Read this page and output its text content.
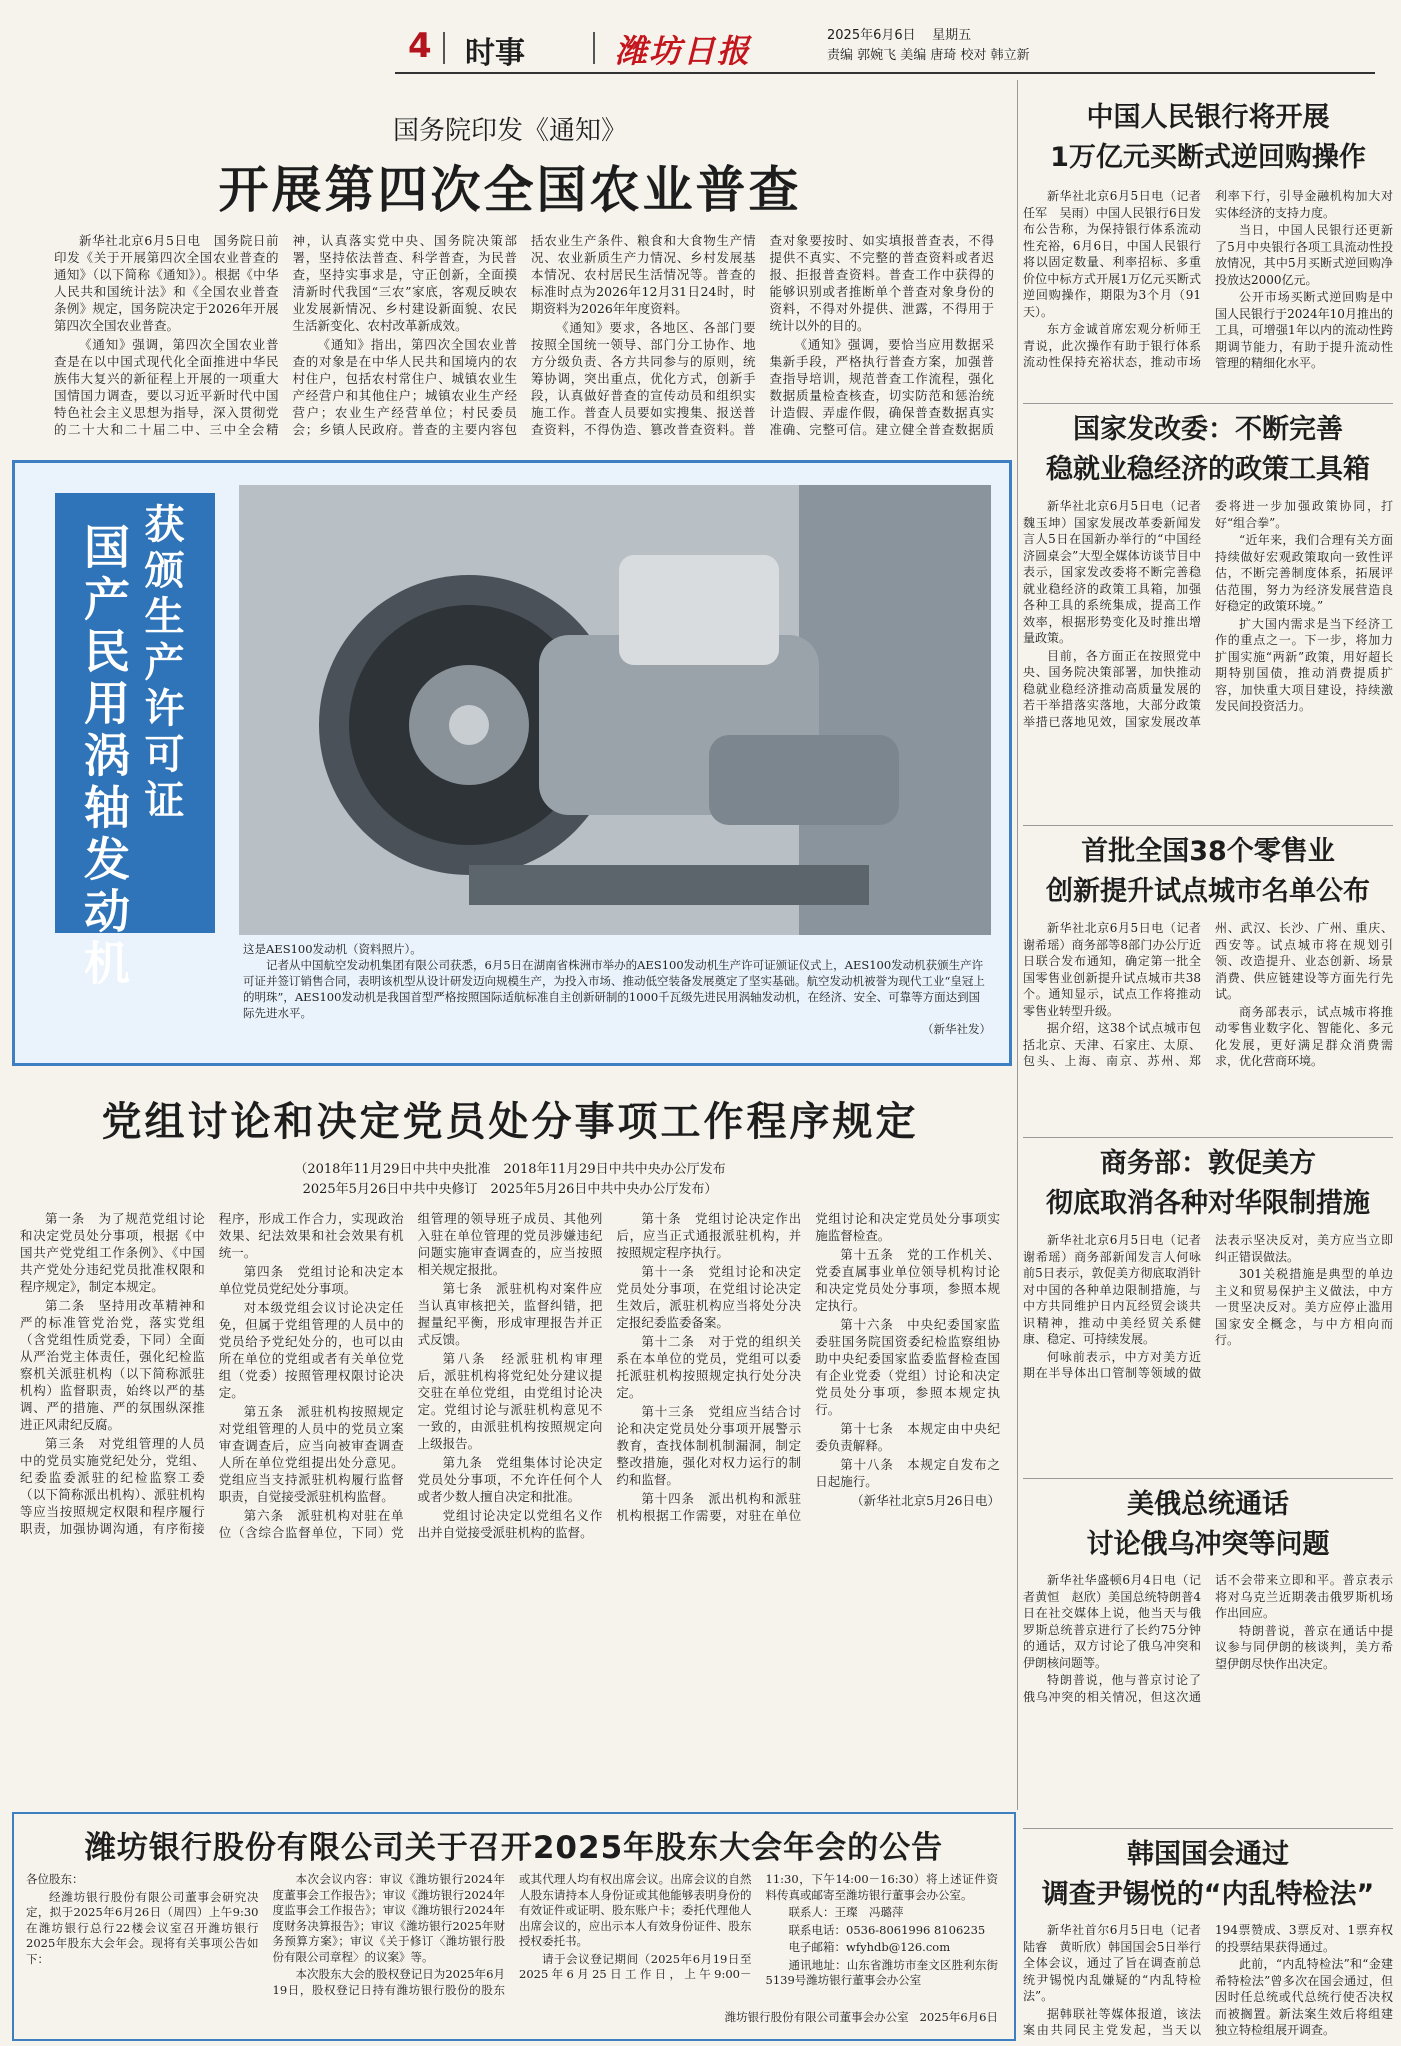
4 时事	潍坊日报	2025年6月6日 星期五
责编 郭婉飞 美编 唐琦 校对 韩立新
国务院印发《通知》
开展第四次全国农业普查

新华社北京6月5日电　国务院日前印发《关于开展第四次全国农业普查的通知》（以下简称《通知》）。根据《中华人民共和国统计法》和《全国农业普查条例》规定，国务院决定于2026年开展第四次全国农业普查。

《通知》强调，第四次全国农业普查是在以中国式现代化全面推进中华民族伟大复兴的新征程上开展的一项重大国情国力调查，要以习近平新时代中国特色社会主义思想为指导，深入贯彻党的二十大和二十届二中、三中全会精神，认真落实党中央、国务院决策部署，坚持依法普查、科学普查，为民普查，坚持实事求是，守正创新，全面摸清新时代我国“三农”家底，客观反映农业发展新情况、乡村建设新面貌、农民生活新变化、农村改革新成效。

《通知》指出，第四次全国农业普查的对象是在中华人民共和国境内的农村住户，包括农村常住户、城镇农业生产经营户和其他住户；城镇农业生产经营户；农业生产经营单位；村民委员会；乡镇人民政府。普查的主要内容包括农业生产条件、粮食和大食物生产情况、农业新质生产力情况、乡村发展基本情况、农村居民生活情况等。普查的标准时点为2026年12月31日24时，时期资料为2026年年度资料。

《通知》要求，各地区、各部门要按照全国统一领导、部门分工协作、地方分级负责、各方共同参与的原则，统筹协调，突出重点，优化方式，创新手段，认真做好普查的宣传动员和组织实施工作。普查人员要如实搜集、报送普查资料，不得伪造、篡改普查资料。普查对象要按时、如实填报普查表，不得提供不真实、不完整的普查资料或者迟报、拒报普查资料。普查工作中获得的能够识别或者推断单个普查对象身份的资料，不得对外提供、泄露，不得用于统计以外的目的。

《通知》强调，要恰当应用数据采集新手段，严格执行普查方案，加强普查指导培训，规范普查工作流程，强化数据质量检查核查，切实防范和惩治统计造假、弄虚作假，确保普查数据真实准确、完整可信。建立健全普查数据质

国产民用涡轴发动机 获颁生产许可证
这是AES100发动机（资料照片）。
记者从中国航空发动机集团有限公司获悉，6月5日在湖南省株洲市举办的AES100发动机生产许可证颁证仪式上，AES100发动机获颁生产许可证并签订销售合同，表明该机型从设计研发迈向规模生产，为投入市场、推动低空装备发展奠定了坚实基础。航空发动机被誉为现代工业“皇冠上的明珠”，AES100发动机是我国首型严格按照国际适航标准自主创新研制的1000千瓦级先进民用涡轴发动机，在经济、安全、可靠等方面达到国际先进水平。
（新华社发）
党组讨论和决定党员处分事项工作程序规定
（2018年11月29日中共中央批准　2018年11月29日中共中央办公厅发布
2025年5月26日中共中央修订　2025年5月26日中共中央办公厅发布）

第一条　为了规范党组讨论和决定党员处分事项，根据《中国共产党党组工作条例》、《中国共产党处分违纪党员批准权限和程序规定》，制定本规定。

第二条　坚持用改革精神和严的标准管党治党，落实党组（含党组性质党委，下同）全面从严治党主体责任，强化纪检监察机关派驻机构（以下简称派驻机构）监督职责，始终以严的基调、严的措施、严的氛围纵深推进正风肃纪反腐。

第三条　对党组管理的人员中的党员实施党纪处分，党组、纪委监委派驻的纪检监察工委（以下简称派出机构）、派驻机构等应当按照规定权限和程序履行职责，加强协调沟通，有序衔接程序，形成工作合力，实现政治效果、纪法效果和社会效果有机统一。

第四条　党组讨论和决定本单位党员党纪处分事项。

对本级党组会议讨论决定任免，但属于党组管理的人员中的党员给予党纪处分的，也可以由所在单位的党组或者有关单位党组（党委）按照管理权限讨论决定。

第五条　派驻机构按照规定对党组管理的人员中的党员立案审查调查后，应当向被审查调查人所在单位党组提出处分意见。党组应当支持派驻机构履行监督职责，自觉接受派驻机构监督。

第六条　派驻机构对驻在单位（含综合监督单位，下同）党组管理的领导班子成员、其他列入驻在单位管理的党员涉嫌违纪问题实施审查调查的，应当按照相关规定报批。

第七条　派驻机构对案件应当认真审核把关，监督纠错，把握量纪平衡，形成审理报告并正式反馈。

第八条　经派驻机构审理后，派驻机构将党纪处分建议提交驻在单位党组，由党组讨论决定。党组讨论与派驻机构意见不一致的，由派驻机构按照规定向上级报告。

第九条　党组集体讨论决定党员处分事项，不允许任何个人或者少数人擅自决定和批准。

党组讨论决定以党组名义作出并自觉接受派驻机构的监督。

第十条　党组讨论决定作出后，应当正式通报派驻机构，并按照规定程序执行。

第十一条　党组讨论和决定党员处分事项，在党组讨论决定生效后，派驻机构应当将处分决定报纪委监委备案。

第十二条　对于党的组织关系在本单位的党员，党组可以委托派驻机构按照规定执行处分决定。

第十三条　党组应当结合讨论和决定党员处分事项开展警示教育，查找体制机制漏洞，制定整改措施，强化对权力运行的制约和监督。

第十四条　派出机构和派驻机构根据工作需要，对驻在单位党组讨论和决定党员处分事项实施监督检查。

第十五条　党的工作机关、党委直属事业单位领导机构讨论和决定党员处分事项，参照本规定执行。

第十六条　中央纪委国家监委驻国务院国资委纪检监察组协助中央纪委国家监委监督检查国有企业党委（党组）讨论和决定党员处分事项，参照本规定执行。

第十七条　本规定由中央纪委负责解释。

第十八条　本规定自发布之日起施行。

（新华社北京5月26日电）

中国人民银行将开展
1万亿元买断式逆回购操作

新华社北京6月5日电（记者任军　吴雨）中国人民银行6日发布公告称，为保持银行体系流动性充裕，6月6日，中国人民银行将以固定数量、利率招标、多重价位中标方式开展1万亿元买断式逆回购操作，期限为3个月（91天）。

东方金诚首席宏观分析师王青说，此次操作有助于银行体系流动性保持充裕状态，推动市场利率下行，引导金融机构加大对实体经济的支持力度。

当日，中国人民银行还更新了5月中央银行各项工具流动性投放情况，其中5月买断式逆回购净投放达2000亿元。

公开市场买断式逆回购是中国人民银行于2024年10月推出的工具，可增强1年以内的流动性跨期调节能力，有助于提升流动性管理的精细化水平。

国家发改委：不断完善
稳就业稳经济的政策工具箱

新华社北京6月5日电（记者魏玉坤）国家发展改革委新闻发言人5日在国新办举行的“中国经济圆桌会”大型全媒体访谈节目中表示，国家发改委将不断完善稳就业稳经济的政策工具箱，加强各种工具的系统集成，提高工作效率，根据形势变化及时推出增量政策。

目前，各方面正在按照党中央、国务院决策部署，加快推动稳就业稳经济推动高质量发展的若干举措落实落地，大部分政策举措已落地见效，国家发展改革委将进一步加强政策协同，打好“组合拳”。

“近年来，我们合理有关方面持续做好宏观政策取向一致性评估，不断完善制度体系，拓展评估范围，努力为经济发展营造良好稳定的政策环境。”

扩大国内需求是当下经济工作的重点之一。下一步，将加力扩围实施“两新”政策，用好超长期特别国债，推动消费提质扩容，加快重大项目建设，持续激发民间投资活力。

首批全国38个零售业
创新提升试点城市名单公布

新华社北京6月5日电（记者谢希瑶）商务部等8部门办公厅近日联合发布通知，确定第一批全国零售业创新提升试点城市共38个。通知显示，试点工作将推动零售业转型升级。

据介绍，这38个试点城市包括北京、天津、石家庄、太原、包头、上海、南京、苏州、郑州、武汉、长沙、广州、重庆、西安等。试点城市将在规划引领、改造提升、业态创新、场景消费、供应链建设等方面先行先试。

商务部表示，试点城市将推动零售业数字化、智能化、多元化发展，更好满足群众消费需求，优化营商环境。

商务部：敦促美方
彻底取消各种对华限制措施

新华社北京6月5日电（记者谢希瑶）商务部新闻发言人何咏前5日表示，敦促美方彻底取消针对中国的各种单边限制措施，与中方共同维护日内瓦经贸会谈共识精神，推动中美经贸关系健康、稳定、可持续发展。

何咏前表示，中方对美方近期在半导体出口管制等领域的做法表示坚决反对，美方应当立即纠正错误做法。

301关税措施是典型的单边主义和贸易保护主义做法，中方一贯坚决反对。美方应停止滥用国家安全概念，与中方相向而行。

美俄总统通话
讨论俄乌冲突等问题

新华社华盛顿6月4日电（记者黄恒　赵欣）美国总统特朗普4日在社交媒体上说，他当天与俄罗斯总统普京进行了长约75分钟的通话，双方讨论了俄乌冲突和伊朗核问题等。

特朗普说，他与普京讨论了俄乌冲突的相关情况，但这次通话不会带来立即和平。普京表示将对乌克兰近期袭击俄罗斯机场作出回应。

特朗普说，普京在通话中提议参与同伊朗的核谈判，美方希望伊朗尽快作出决定。

韩国国会通过
调查尹锡悦的“内乱特检法”

新华社首尔6月5日电（记者陆睿　黄昕欣）韩国国会5日举行全体会议，通过了旨在调查前总统尹锡悦内乱嫌疑的“内乱特检法”。

据韩联社等媒体报道，该法案由共同民主党发起，当天以194票赞成、3票反对、1票弃权的投票结果获得通过。

此前，“内乱特检法”和“金建希特检法”曾多次在国会通过，但因时任总统或代总统行使否决权而被搁置。新法案生效后将组建独立特检组展开调查。

潍坊银行股份有限公司关于召开2025年股东大会年会的公告

各位股东：

经潍坊银行股份有限公司董事会研究决定，拟于2025年6月26日（周四）上午9:30在潍坊银行总行22楼会议室召开潍坊银行2025年股东大会年会。现将有关事项公告如下：

本次会议内容：审议《潍坊银行2024年度董事会工作报告》；审议《潍坊银行2024年度监事会工作报告》；审议《潍坊银行2024年度财务决算报告》；审议《潍坊银行2025年财务预算方案》；审议《关于修订〈潍坊银行股份有限公司章程〉的议案》等。

本次股东大会的股权登记日为2025年6月19日，股权登记日持有潍坊银行股份的股东或其代理人均有权出席会议。出席会议的自然人股东请持本人身份证或其他能够表明身份的有效证件或证明、股东账户卡；委托代理他人出席会议的，应出示本人有效身份证件、股东授权委托书。

请于会议登记期间（2025年6月19日至2025年6月25日工作日，上午9:00－11:30，下午14:00－16:30）将上述证件资料传真或邮寄至潍坊银行董事会办公室。

联系人：王璨　冯璐萍

联系电话：0536-8061996 8106235

电子邮箱：wfyhdb@126.com

通讯地址：山东省潍坊市奎文区胜利东街5139号潍坊银行董事会办公室

潍坊银行股份有限公司董事会办公室 2025年6月6日
